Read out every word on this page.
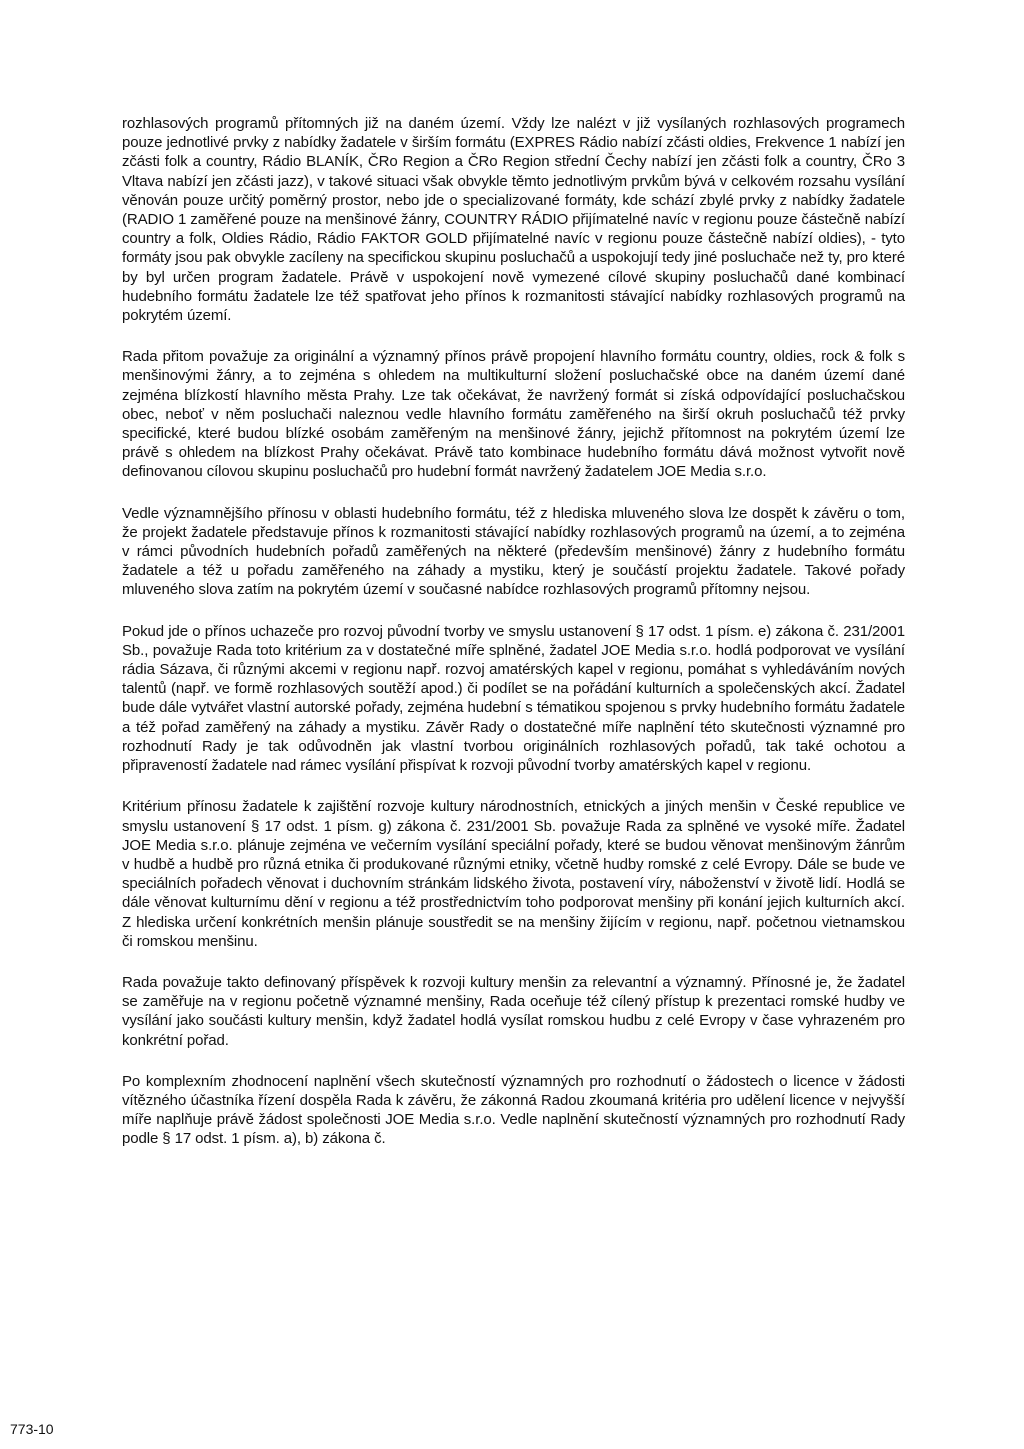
rozhlasových programů přítomných již na daném území. Vždy lze nalézt v již vysílaných rozhlasových programech pouze jednotlivé prvky z nabídky žadatele v širším formátu (EXPRES Rádio nabízí zčásti oldies, Frekvence 1 nabízí jen zčásti folk a country, Rádio BLANÍK, ČRo Region a ČRo Region střední Čechy nabízí jen zčásti folk a country, ČRo 3 Vltava nabízí jen zčásti jazz), v takové situaci však obvykle těmto jednotlivým prvkům bývá v celkovém rozsahu vysílání věnován pouze určitý poměrný prostor, nebo jde o specializované formáty, kde schází zbylé prvky z nabídky žadatele (RADIO 1 zaměřené pouze na menšinové žánry, COUNTRY RÁDIO přijímatelné navíc v regionu pouze částečně nabízí country a folk, Oldies Rádio, Rádio FAKTOR GOLD přijímatelné navíc v regionu pouze částečně nabízí oldies), - tyto formáty jsou pak obvykle zacíleny na specifickou skupinu posluchačů a uspokojují tedy jiné posluchače než ty, pro které by byl určen program žadatele. Právě v uspokojení nově vymezené cílové skupiny posluchačů dané kombinací hudebního formátu žadatele lze též spatřovat jeho přínos k rozmanitosti stávající nabídky rozhlasových programů na pokrytém území.

Rada přitom považuje za originální a významný přínos právě propojení hlavního formátu country, oldies, rock & folk s menšinovými žánry, a to zejména s ohledem na multikulturní složení posluchačské obce na daném území dané zejména blízkostí hlavního města Prahy. Lze tak očekávat, že navržený formát si získá odpovídající posluchačskou obec, neboť v něm posluchači naleznou vedle hlavního formátu zaměřeného na širší okruh posluchačů též prvky specifické, které budou blízké osobám zaměřeným na menšinové žánry, jejichž přítomnost na pokrytém území lze právě s ohledem na blízkost Prahy očekávat. Právě tato kombinace hudebního formátu dává možnost vytvořit nově definovanou cílovou skupinu posluchačů pro hudební formát navržený žadatelem JOE Media s.r.o.

Vedle významnějšího přínosu v oblasti hudebního formátu, též z hlediska mluveného slova lze dospět k závěru o tom, že projekt žadatele představuje přínos k rozmanitosti stávající nabídky rozhlasových programů na území, a to zejména v rámci původních hudebních pořadů zaměřených na některé (především menšinové) žánry z hudebního formátu žadatele a též u pořadu zaměřeného na záhady a mystiku, který je součástí projektu žadatele. Takové pořady mluveného slova zatím na pokrytém území v současné nabídce rozhlasových programů přítomny nejsou.

Pokud jde o přínos uchazeče pro rozvoj původní tvorby ve smyslu ustanovení § 17 odst. 1 písm. e) zákona č. 231/2001 Sb., považuje Rada toto kritérium za v dostatečné míře splněné, žadatel JOE Media s.r.o. hodlá podporovat ve vysílání rádia Sázava, či různými akcemi v regionu např. rozvoj amatérských kapel v regionu, pomáhat s vyhledáváním nových talentů (např. ve formě rozhlasových soutěží apod.) či podílet se na pořádání kulturních a společenských akcí. Žadatel bude dále vytvářet vlastní autorské pořady, zejména hudební s tématikou spojenou s prvky hudebního formátu žadatele a též pořad zaměřený na záhady a mystiku. Závěr Rady o dostatečné míře naplnění této skutečnosti významné pro rozhodnutí Rady je tak odůvodněn jak vlastní tvorbou originálních rozhlasových pořadů, tak také ochotou a připraveností žadatele nad rámec vysílání přispívat k rozvoji původní tvorby amatérských kapel v regionu.

Kritérium přínosu žadatele k zajištění rozvoje kultury národnostních, etnických a jiných menšin v České republice ve smyslu ustanovení § 17 odst. 1 písm. g) zákona č. 231/2001 Sb. považuje Rada za splněné ve vysoké míře. Žadatel JOE Media s.r.o. plánuje zejména ve večerním vysílání speciální pořady, které se budou věnovat menšinovým žánrům v hudbě a hudbě pro různá etnika či produkované různými etniky, včetně hudby romské z celé Evropy. Dále se bude ve speciálních pořadech věnovat i duchovním stránkám lidského života, postavení víry, náboženství v životě lidí. Hodlá se dále věnovat kulturnímu dění v regionu a též prostřednictvím toho podporovat menšiny při konání jejich kulturních akcí. Z hlediska určení konkrétních menšin plánuje soustředit se na menšiny žijícím v regionu, např. početnou vietnamskou či romskou menšinu.

Rada považuje takto definovaný příspěvek k rozvoji kultury menšin za relevantní a významný. Přínosné je, že žadatel se zaměřuje na v regionu početně významné menšiny, Rada oceňuje též cílený přístup k prezentaci romské hudby ve vysílání jako součásti kultury menšin, když žadatel hodlá vysílat romskou hudbu z celé Evropy v čase vyhrazeném pro konkrétní pořad.

Po komplexním zhodnocení naplnění všech skutečností významných pro rozhodnutí o žádostech o licence v žádosti vítězného účastníka řízení dospěla Rada k závěru, že zákonná Radou zkoumaná kritéria pro udělení licence v nejvyšší míře naplňuje právě žádost společnosti JOE Media s.r.o. Vedle naplnění skutečností významných pro rozhodnutí Rady podle § 17 odst. 1 písm. a), b) zákona č.

773-10
